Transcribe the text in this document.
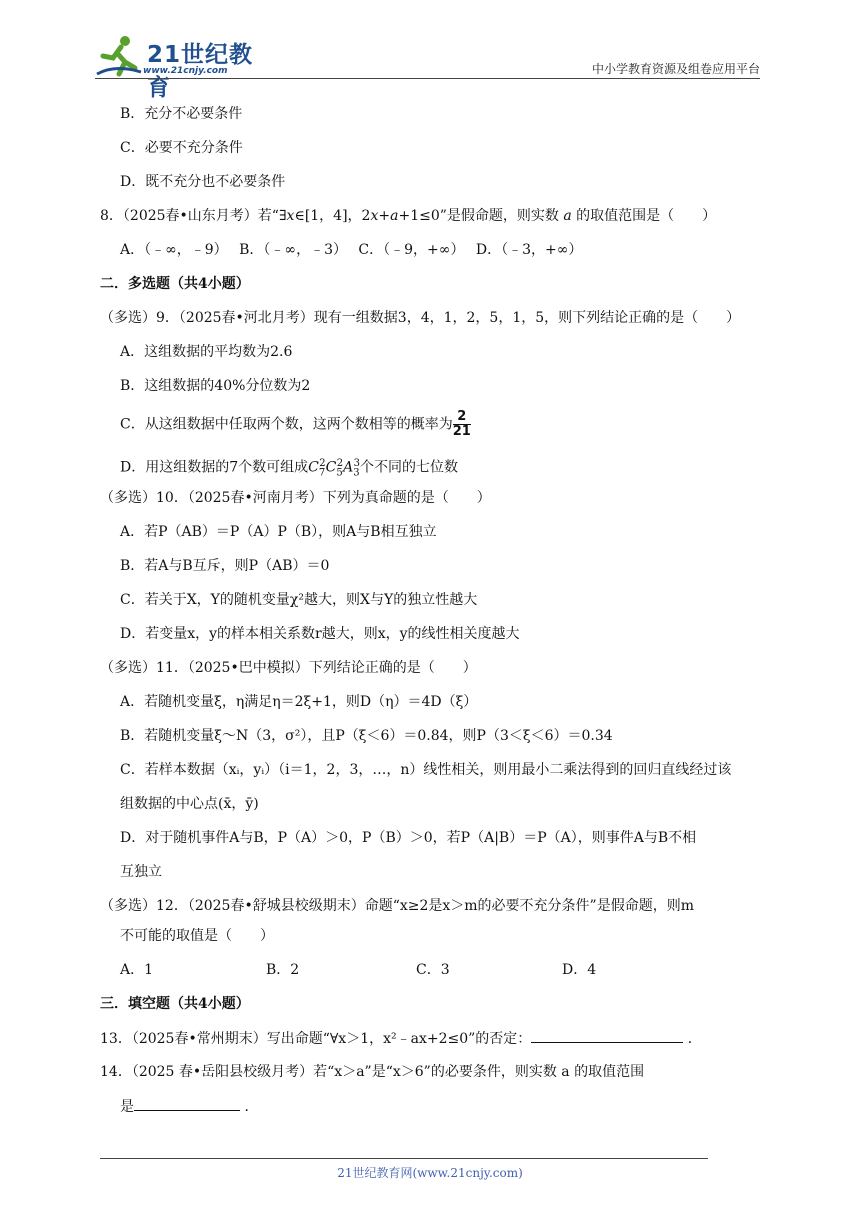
21世纪教育
www.21cnjy.com	中小学教育资源及组卷应用平台
B．充分不必要条件
C．必要不充分条件
D．既不充分也不必要条件
8．（2025春•山东月考）若“∃x∈[1，4]，2x+a+1≤0”是假命题，则实数 a 的取值范围是（　　）
A．（﹣∞，﹣9）　 B．（﹣∞，﹣3）　 C．（﹣9，+∞）　 D．（﹣3，+∞）
二．多选题（共4小题）
（多选）9．（2025春•河北月考）现有一组数据3，4，1，2，5，1，5，则下列结论正确的是（　　）
A．这组数据的平均数为2.6
B．这组数据的40%分位数为2
C．从这组数据中任取两个数，这两个数相等的概率为 $\frac{2}{21}$
D．用这组数据的7个数可组成$C_7^2C_5^2A_3^3$个不同的七位数
（多选）10．（2025春•河南月考）下列为真命题的是（　　）
A．若P（AB）＝P（A）P（B），则A与B相互独立
B．若A与B互斥，则P（AB）＝0
C．若关于X，Y的随机变量χ²越大，则X与Y的独立性越大
D．若变量x，y的样本相关系数r越大，则x，y的线性相关度越大
（多选）11．（2025•巴中模拟）下列结论正确的是（　　）
A．若随机变量ξ，η满足η＝2ξ+1，则D（η）＝4D（ξ）
B．若随机变量ξ～N（3，σ²），且P（ξ＜6）＝0.84，则P（3＜ξ＜6）＝0.34
C．若样本数据（xᵢ，yᵢ）（i＝1，2，3，…，n）线性相关，则用最小二乘法得到的回归直线经过该
组数据的中心点(x̄，ȳ)
D．对于随机事件A与B，P（A）＞0，P（B）＞0，若P（A|B）＝P（A），则事件A与B不相
互独立
（多选）12．（2025春•舒城县校级期末）命题“x≥2是x＞m的必要不充分条件”是假命题，则m
不可能的取值是（　　）
A．1	B．2	C．3	D．4
三．填空题（共4小题）
13．（2025春•常州期末）写出命题“∀x＞1，x²﹣ax+2≤0”的否定：	．
14．（2025 春•岳阳县校级月考）若“x＞a”是“x＞6”的必要条件，则实数 a 的取值范围
是	．
21世纪教育网(www.21cnjy.com)
